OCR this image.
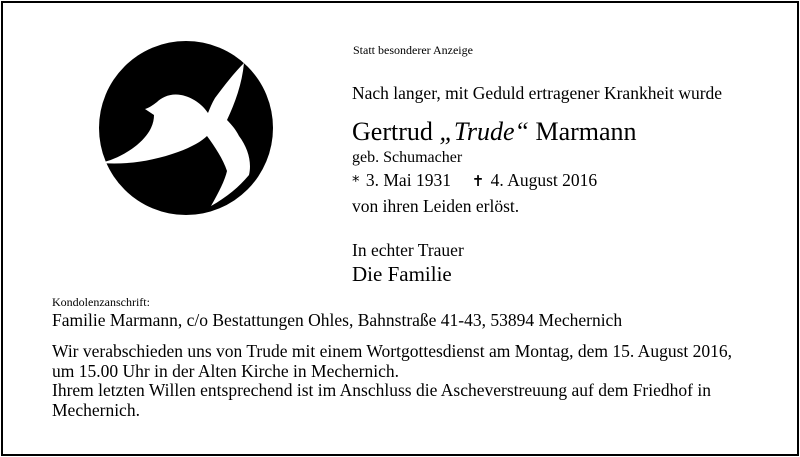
Statt besonderer Anzeige
Nach langer, mit Geduld ertragener Krankheit wurde
Gertrud „Trude“ Marmann
geb. Schumacher
* 3. Mai 1931 ✝ 4. August 2016
von ihren Leiden erlöst.
In echter Trauer
Die Familie
Kondolenzanschrift:
Familie Marmann, c/o Bestattungen Ohles, Bahnstraße 41-43, 53894 Mechernich
Wir verabschieden uns von Trude mit einem Wortgottesdienst am Montag, dem 15. August 2016,
um 15.00 Uhr in der Alten Kirche in Mechernich.
Ihrem letzten Willen entsprechend ist im Anschluss die Ascheverstreuung auf dem Friedhof in
Mechernich.
